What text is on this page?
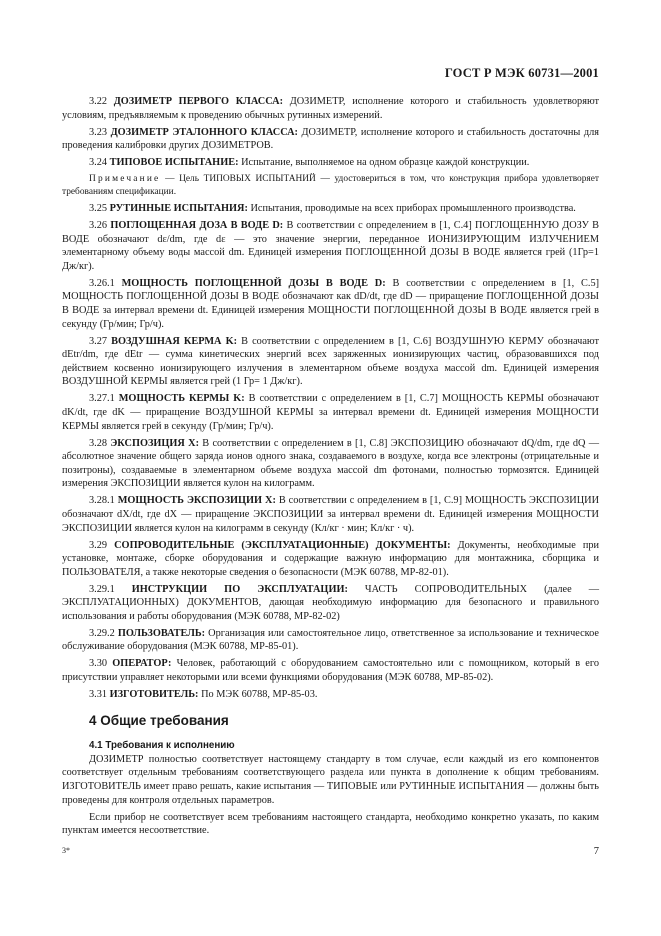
ГОСТ Р МЭК 60731—2001

3.22 ДОЗИМЕТР ПЕРВОГО КЛАССА: ДОЗИМЕТР, исполнение которого и стабильность удовлетворяют условиям, предъявляемым к проведению обычных рутинных измерений.

3.23 ДОЗИМЕТР ЭТАЛОННОГО КЛАССА: ДОЗИМЕТР, исполнение которого и стабильность достаточны для проведения калибровки других ДОЗИМЕТРОВ.

3.24 ТИПОВОЕ ИСПЫТАНИЕ: Испытание, выполняемое на одном образце каждой конструкции.

Примечание — Цель ТИПОВЫХ ИСПЫТАНИЙ — удостовериться в том, что конструкция прибора удовлетворяет требованиям спецификации.

3.25 РУТИННЫЕ ИСПЫТАНИЯ: Испытания, проводимые на всех приборах промышленного производства.

3.26 ПОГЛОЩЕННАЯ ДОЗА В ВОДЕ D: В соответствии с определением в [1, С.4] ПОГЛОЩЕННУЮ ДОЗУ В ВОДЕ обозначают dε/dm, где dε — это значение энергии, переданное ИОНИЗИРУЮЩИМ ИЗЛУЧЕНИЕМ элементарному объему воды массой dm. Единицей измерения ПОГЛОЩЕННОЙ ДОЗЫ В ВОДЕ является грей (1Гр=1 Дж/кг).

3.26.1 МОЩНОСТЬ ПОГЛОЩЕННОЙ ДОЗЫ В ВОДЕ D: В соответствии с определением в [1, С.5] МОЩНОСТЬ ПОГЛОЩЕННОЙ ДОЗЫ В ВОДЕ обозначают как dD/dt, где dD — приращение ПОГЛОЩЕННОЙ ДОЗЫ В ВОДЕ за интервал времени dt. Единицей измерения МОЩНОСТИ ПОГЛОЩЕННОЙ ДОЗЫ В ВОДЕ является грей в секунду (Гр/мин; Гр/ч).

3.27 ВОЗДУШНАЯ КЕРМА K: В соответствии с определением в [1, С.6] ВОЗДУШНУЮ КЕРМУ обозначают dEtr/dm, где dEtr — сумма кинетических энергий всех заряженных ионизирующих частиц, образовавшихся под действием косвенно ионизирующего излучения в элементарном объеме воздуха массой dm. Единицей измерения ВОЗДУШНОЙ КЕРМЫ является грей (1 Гр= 1 Дж/кг).

3.27.1 МОЩНОСТЬ КЕРМЫ K: В соответствии с определением в [1, С.7] МОЩНОСТЬ КЕРМЫ обозначают dK/dt, где dK — приращение ВОЗДУШНОЙ КЕРМЫ за интервал времени dt. Единицей измерения МОЩНОСТИ КЕРМЫ является грей в секунду (Гр/мин; Гр/ч).

3.28 ЭКСПОЗИЦИЯ X: В соответствии с определением в [1, С.8] ЭКСПОЗИЦИЮ обозначают dQ/dm, где dQ — абсолютное значение общего заряда ионов одного знака, создаваемого в воздухе, когда все электроны (отрицательные и позитроны), создаваемые в элементарном объеме воздуха массой dm фотонами, полностью тормозятся. Единицей измерения ЭКСПОЗИЦИИ является кулон на килограмм.

3.28.1 МОЩНОСТЬ ЭКСПОЗИЦИИ X: В соответствии с определением в [1, С.9] МОЩНОСТЬ ЭКСПОЗИЦИИ обозначают dX/dt, где dX — приращение ЭКСПОЗИЦИИ за интервал времени dt. Единицей измерения МОЩНОСТИ ЭКСПОЗИЦИИ является кулон на килограмм в секунду (Кл/кг · мин; Кл/кг · ч).

3.29 СОПРОВОДИТЕЛЬНЫЕ (ЭКСПЛУАТАЦИОННЫЕ) ДОКУМЕНТЫ: Документы, необходимые при установке, монтаже, сборке оборудования и содержащие важную информацию для монтажника, сборщика и ПОЛЬЗОВАТЕЛЯ, а также некоторые сведения о безопасности (МЭК 60788, МР-82-01).

3.29.1 ИНСТРУКЦИИ ПО ЭКСПЛУАТАЦИИ: ЧАСТЬ СОПРОВОДИТЕЛЬНЫХ (далее — ЭКСПЛУАТАЦИОННЫХ) ДОКУМЕНТОВ, дающая необходимую информацию для безопасного и правильного использования и работы оборудования (МЭК 60788, МР-82-02)

3.29.2 ПОЛЬЗОВАТЕЛЬ: Организация или самостоятельное лицо, ответственное за использование и техническое обслуживание оборудования (МЭК 60788, МР-85-01).

3.30 ОПЕРАТОР: Человек, работающий с оборудованием самостоятельно или с помощником, который в его присутствии управляет некоторыми или всеми функциями оборудования (МЭК 60788, МР-85-02).

3.31 ИЗГОТОВИТЕЛЬ: По МЭК 60788, МР-85-03.

4 Общие требования
4.1 Требования к исполнению

ДОЗИМЕТР полностью соответствует настоящему стандарту в том случае, если каждый из его компонентов соответствует отдельным требованиям соответствующего раздела или пункта в дополнение к общим требованиям. ИЗГОТОВИТЕЛЬ имеет право решать, какие испытания — ТИПОВЫЕ или РУТИННЫЕ ИСПЫТАНИЯ — должны быть проведены для контроля отдельных параметров.

Если прибор не соответствует всем требованиям настоящего стандарта, необходимо конкретно указать, по каким пунктам имеется несоответствие.

3*	7
